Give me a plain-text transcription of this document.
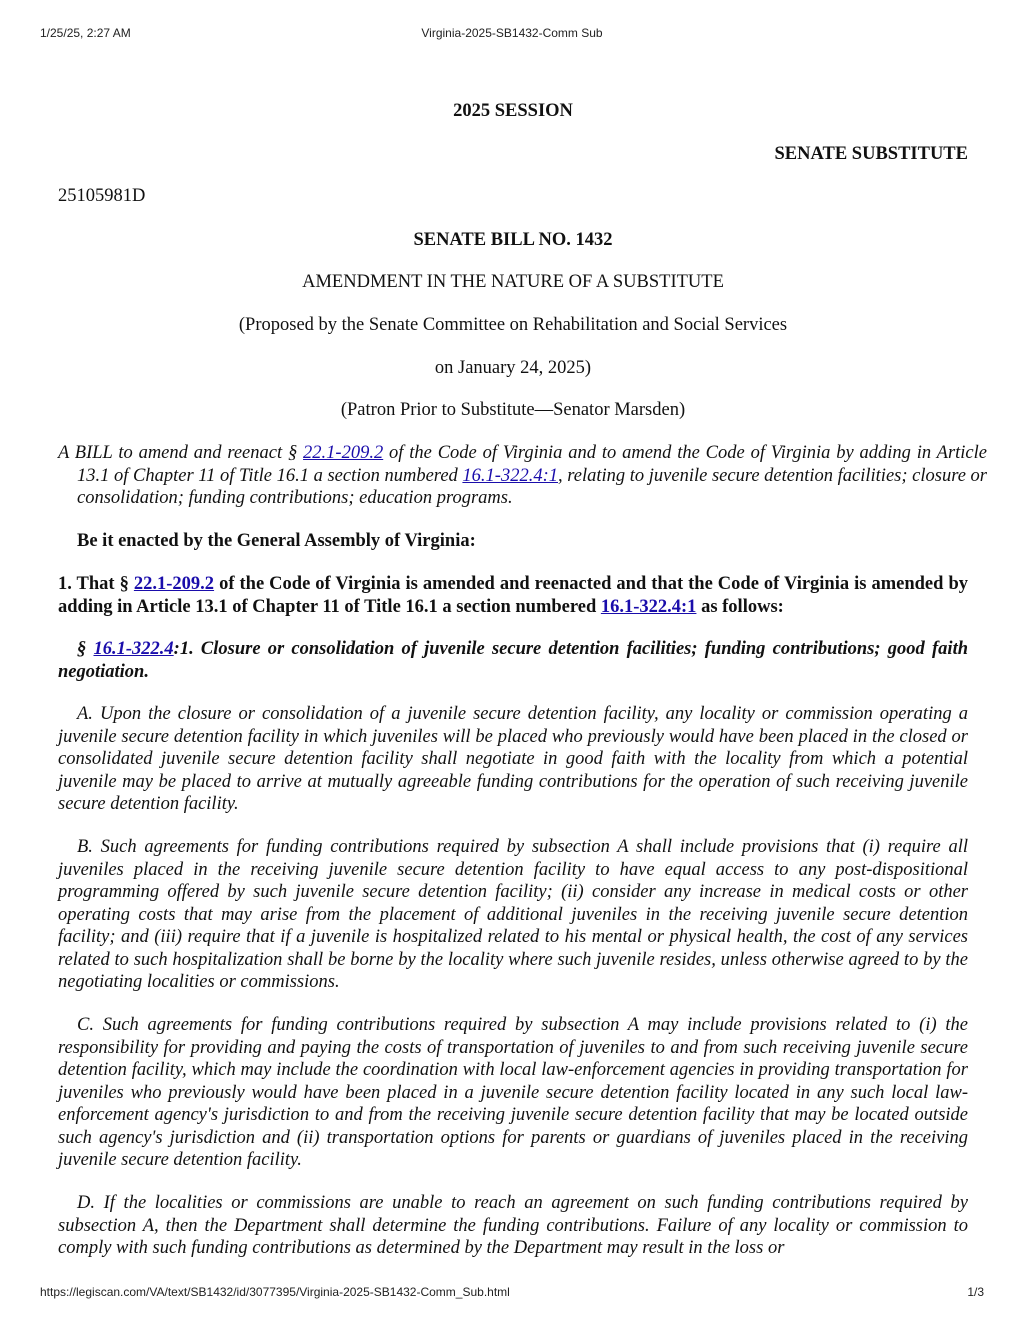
1/25/25, 2:27 AM	Virginia-2025-SB1432-Comm Sub
2025 SESSION
SENATE SUBSTITUTE
25105981D
SENATE BILL NO. 1432
AMENDMENT IN THE NATURE OF A SUBSTITUTE
(Proposed by the Senate Committee on Rehabilitation and Social Services
on January 24, 2025)
(Patron Prior to Substitute—Senator Marsden)

A BILL to amend and reenact § 22.1-209.2 of the Code of Virginia and to amend the Code of Virginia by adding in Article 13.1 of Chapter 11 of Title 16.1 a section numbered 16.1-322.4:1, relating to juvenile secure detention facilities; closure or consolidation; funding contributions; education programs.

Be it enacted by the General Assembly of Virginia:

1. That § 22.1-209.2 of the Code of Virginia is amended and reenacted and that the Code of Virginia is amended by adding in Article 13.1 of Chapter 11 of Title 16.1 a section numbered 16.1-322.4:1 as follows:

§ 16.1-322.4:1. Closure or consolidation of juvenile secure detention facilities; funding contributions; good faith negotiation.

A. Upon the closure or consolidation of a juvenile secure detention facility, any locality or commission operating a juvenile secure detention facility in which juveniles will be placed who previously would have been placed in the closed or consolidated juvenile secure detention facility shall negotiate in good faith with the locality from which a potential juvenile may be placed to arrive at mutually agreeable funding contributions for the operation of such receiving juvenile secure detention facility.

B. Such agreements for funding contributions required by subsection A shall include provisions that (i) require all juveniles placed in the receiving juvenile secure detention facility to have equal access to any post-dispositional programming offered by such juvenile secure detention facility; (ii) consider any increase in medical costs or other operating costs that may arise from the placement of additional juveniles in the receiving juvenile secure detention facility; and (iii) require that if a juvenile is hospitalized related to his mental or physical health, the cost of any services related to such hospitalization shall be borne by the locality where such juvenile resides, unless otherwise agreed to by the negotiating localities or commissions.

C. Such agreements for funding contributions required by subsection A may include provisions related to (i) the responsibility for providing and paying the costs of transportation of juveniles to and from such receiving juvenile secure detention facility, which may include the coordination with local law-enforcement agencies in providing transportation for juveniles who previously would have been placed in a juvenile secure detention facility located in any such local law-enforcement agency's jurisdiction to and from the receiving juvenile secure detention facility that may be located outside such agency's jurisdiction and (ii) transportation options for parents or guardians of juveniles placed in the receiving juvenile secure detention facility.

D. If the localities or commissions are unable to reach an agreement on such funding contributions required by subsection A, then the Department shall determine the funding contributions. Failure of any locality or commission to comply with such funding contributions as determined by the Department may result in the loss or

https://legiscan.com/VA/text/SB1432/id/3077395/Virginia-2025-SB1432-Comm_Sub.html	1/3
